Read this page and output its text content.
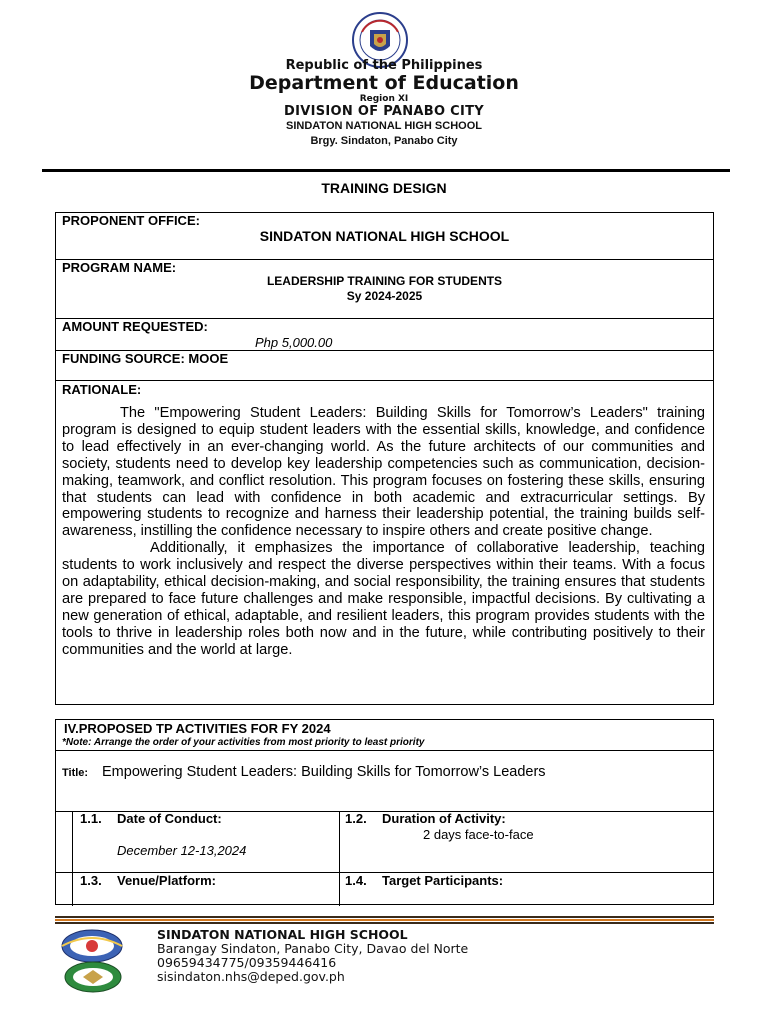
Republic of the Philippines
Department of Education
Region XI
DIVISION OF PANABO CITY
SINDATON NATIONAL HIGH SCHOOL
Brgy. Sindaton, Panabo City
TRAINING DESIGN
PROPONENT OFFICE:
SINDATON NATIONAL HIGH SCHOOL
PROGRAM NAME:
LEADERSHIP TRAINING FOR STUDENTS
Sy 2024-2025
AMOUNT REQUESTED:
Php 5,000.00
FUNDING SOURCE: MOOE
RATIONALE:

The "Empowering Student Leaders: Building Skills for Tomorrow’s Leaders" training program is designed to equip student leaders with the essential skills, knowledge, and confidence to lead effectively in an ever-changing world. As the future architects of our communities and society, students need to develop key leadership competencies such as communication, decision-making, teamwork, and conflict resolution. This program focuses on fostering these skills, ensuring that students can lead with confidence in both academic and extracurricular settings. By empowering students to recognize and harness their leadership potential, the training builds self-awareness, instilling the confidence necessary to inspire others and create positive change.

Additionally, it emphasizes the importance of collaborative leadership, teaching students to work inclusively and respect the diverse perspectives within their teams. With a focus on adaptability, ethical decision-making, and social responsibility, the training ensures that students are prepared to face future challenges and make responsible, impactful decisions. By cultivating a new generation of ethical, adaptable, and resilient leaders, this program provides students with the tools to thrive in leadership roles both now and in the future, while contributing positively to their communities and the world at large.

IV.PROPOSED TP ACTIVITIES FOR FY 2024
*Note: Arrange the order of your activities from most priority to least priority
Title: Empowering Student Leaders: Building Skills for Tomorrow’s Leaders
1.1. Date of Conduct:
December 12-13,2024
1.2. Duration of Activity:
2 days face-to-face
1.3. Venue/Platform:	1.4. Target Participants:
SINDATON NATIONAL HIGH SCHOOL
Barangay Sindaton, Panabo City, Davao del Norte
09659434775/09359446416
sisindaton.nhs@deped.gov.ph
